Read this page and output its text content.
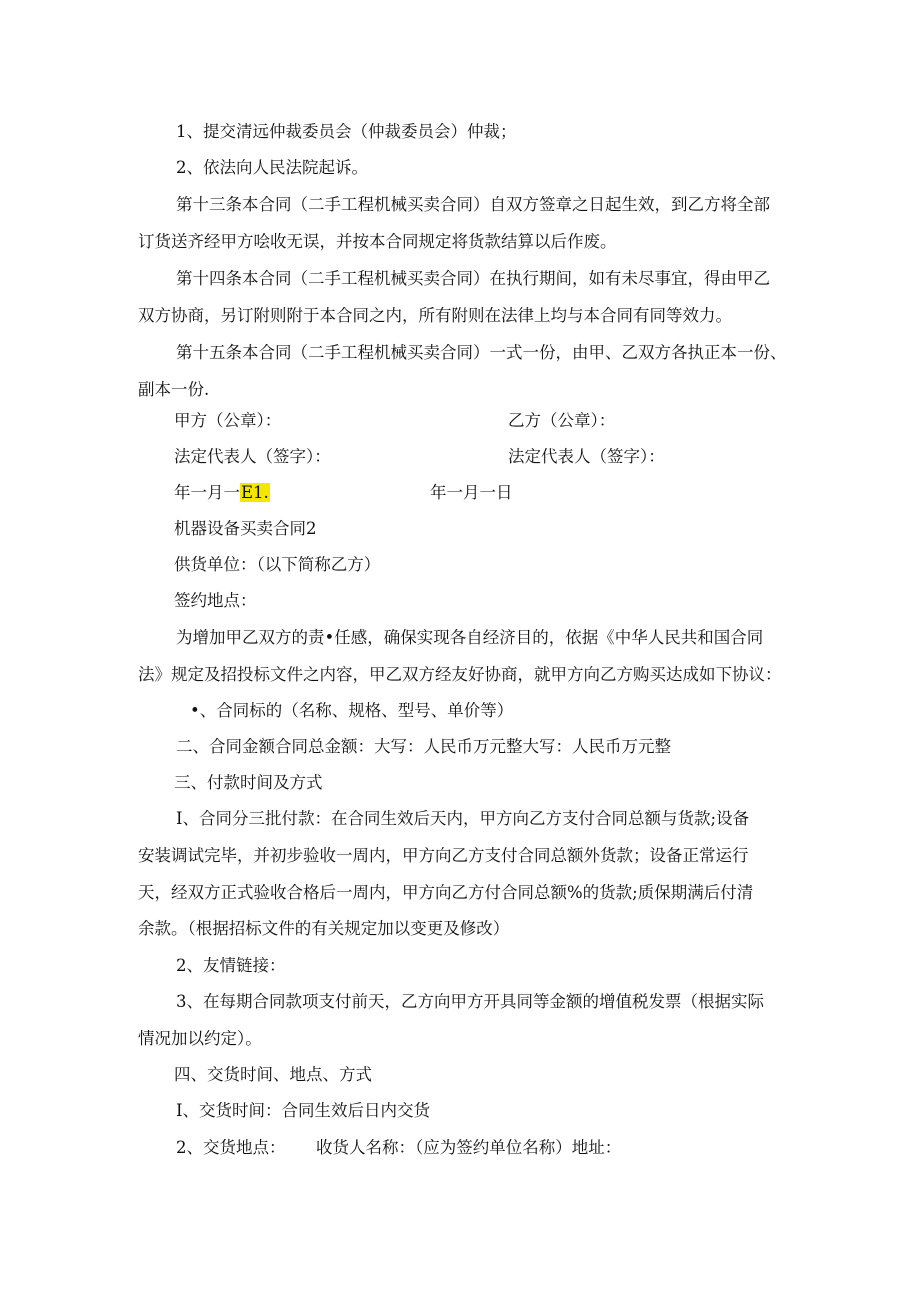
1、提交清远仲裁委员会（仲裁委员会）仲裁；
2、依法向人民法院起诉。
第十三条本合同（二手工程机械买卖合同）自双方签章之日起生效，到乙方将全部
订货送齐经甲方哙收无误，并按本合同规定将货款结算以后作废。
第十四条本合同（二手工程机械买卖合同）在执行期间，如有未尽事宜，得由甲乙
双方协商，另订附则附于本合同之内，所有附则在法律上均与本合同有同等效力。
第十五条本合同（二手工程机械买卖合同）一式一份，由甲、乙双方各执正本一份、
副本一份.
甲方（公章）：	乙方（公章）：
法定代表人（签字）：	法定代表人（签字）：
年一月一E1.	年一月一日
机器设备买卖合同2
供货单位：（以下简称乙方）
签约地点：
为增加甲乙双方的责•任感，确保实现各自经济目的，依据《中华人民共和国合同
法》规定及招投标文件之内容，甲乙双方经友好协商，就甲方向乙方购买达成如下协议：
•、合同标的（名称、规格、型号、单价等）
二、合同金额合同总金额：大写：人民币万元整大写：人民币万元整
三、付款时间及方式
I、合同分三批付款：在合同生效后天内，甲方向乙方支付合同总额与货款;设备
安装调试完毕，并初步验收一周内，甲方向乙方支付合同总额外货款；设备正常运行
天，经双方正式验收合格后一周内，甲方向乙方付合同总额%的货款;质保期满后付清
余款。（根据招标文件的有关规定加以变更及修改）
2、友情链接：
3、在每期合同款项支付前天，乙方向甲方开具同等金额的增值税发票（根据实际
情况加以约定）。
四、交货时间、地点、方式
I、交货时间：合同生效后日内交货
2、交货地点： 收货人名称：（应为签约单位名称）地址：
